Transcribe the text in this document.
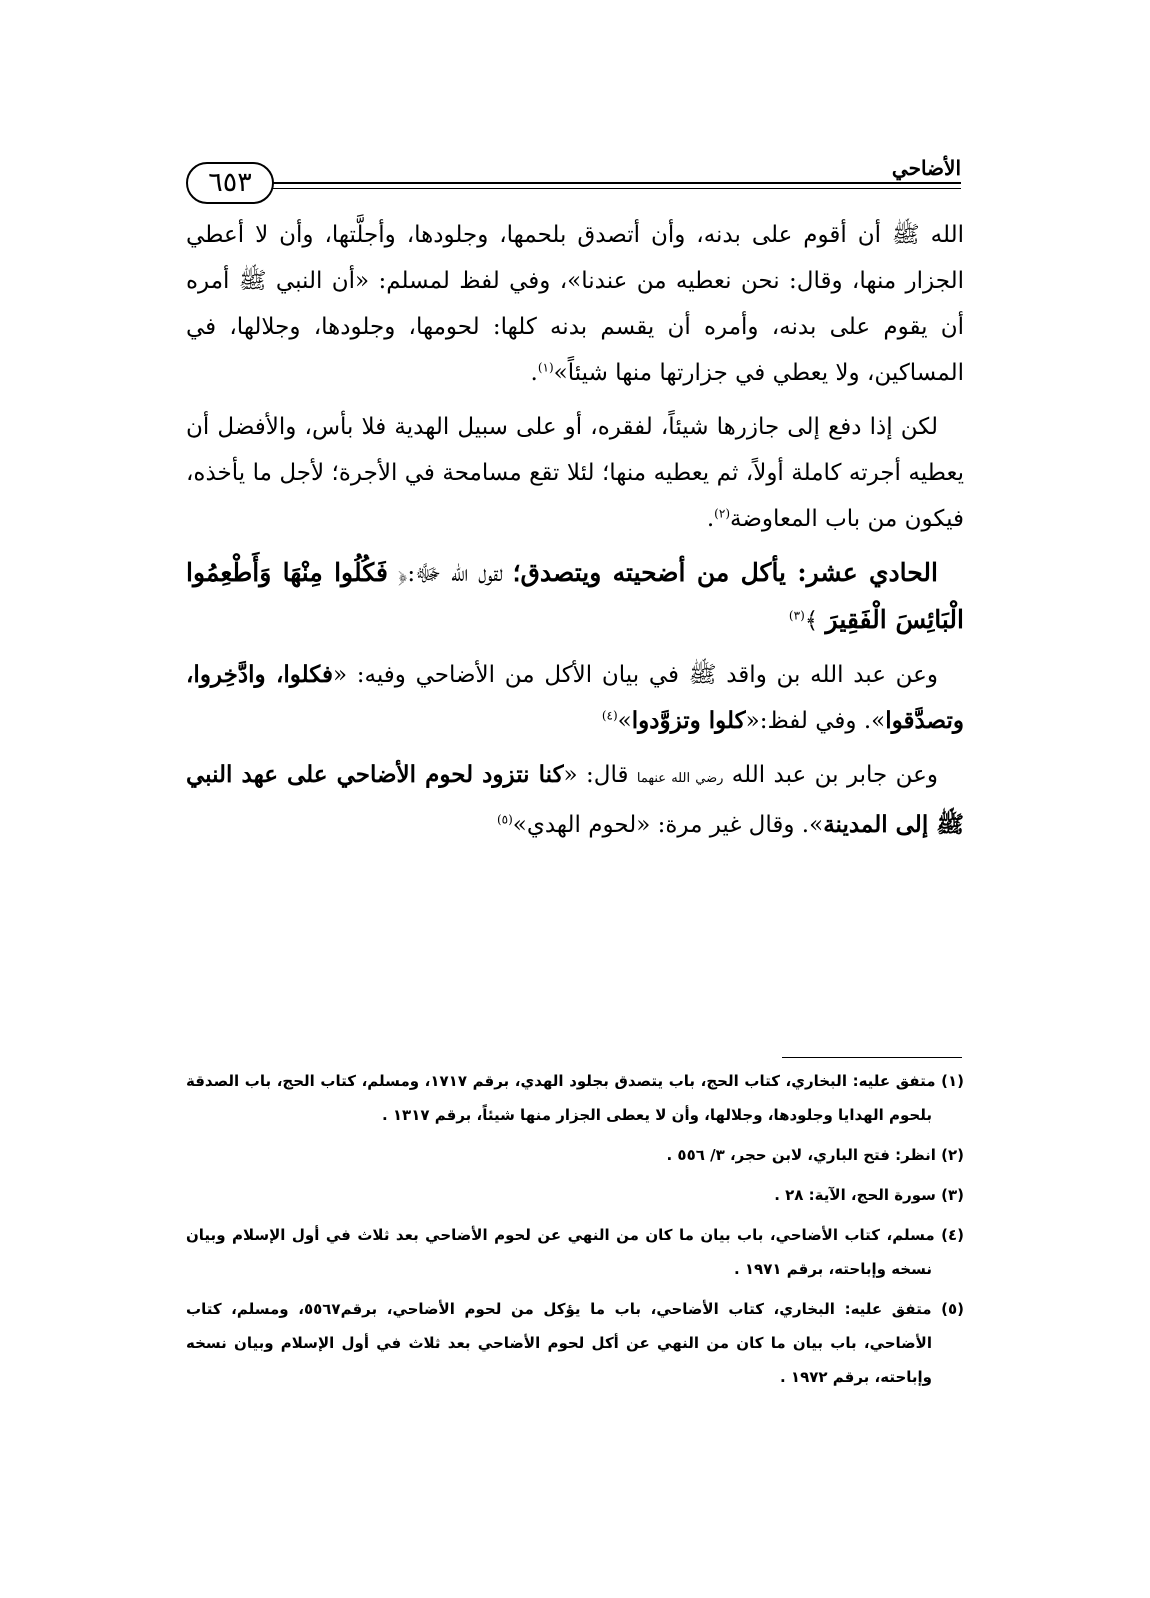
الأضاحي
٦٥٣

الله ﷺ أن أقوم على بدنه، وأن أتصدق بلحمها، وجلودها، وأجلَّتها، وأن لا أعطي الجزار منها، وقال: نحن نعطيه من عندنا»، وفي لفظ لمسلم: «أن النبي ﷺ أمره أن يقوم على بدنه، وأمره أن يقسم بدنه كلها: لحومها، وجلودها، وجلالها، في المساكين، ولا يعطي في جزارتها منها شيئاً»$^{(١)}$.

لكن إذا دفع إلى جازرها شيئاً، لفقره، أو على سبيل الهدية فلا بأس، والأفضل أن يعطيه أجرته كاملة أولاً، ثم يعطيه منها؛ لئلا تقع مسامحة في الأجرة؛ لأجل ما يأخذه، فيكون من باب المعاوضة$^{(٢)}$.

الحادي عشر: يأكل من أضحيته ويتصدق؛ لقول الله ﷻ:﴿ فَكُلُوا مِنْهَا وَأَطْعِمُوا الْبَائِسَ الْفَقِيرَ ﴾$^{(٣)}$

وعن عبد الله بن واقد ﷺ في بيان الأكل من الأضاحي وفيه: «فكلوا، وادَّخِروا، وتصدَّقوا». وفي لفظ:«كلوا وتزوَّدوا»$^{(٤)}$

وعن جابر بن عبد الله رضي الله عنهما قال: «كنا نتزود لحوم الأضاحي على عهد النبي ﷺ إلى المدينة». وقال غير مرة: «لحوم الهدي»$^{(٥)}$

(١) متفق عليه: البخاري، كتاب الحج، باب يتصدق بجلود الهدي، برقم ١٧١٧، ومسلم، كتاب الحج، باب الصدقة بلحوم الهدايا وجلودها، وجلالها، وأن لا يعطى الجزار منها شيئاً، برقم ١٣١٧ .

(٢) انظر: فتح الباري، لابن حجر، ٣/ ٥٥٦ .

(٣) سورة الحج، الآية: ٢٨ .

(٤) مسلم، كتاب الأضاحي، باب بيان ما كان من النهي عن لحوم الأضاحي بعد ثلاث في أول الإسلام وبيان نسخه وإباحته، برقم ١٩٧١ .

(٥) متفق عليه: البخاري، كتاب الأضاحي، باب ما يؤكل من لحوم الأضاحي، برقم٥٥٦٧، ومسلم، كتاب الأضاحي، باب بيان ما كان من النهي عن أكل لحوم الأضاحي بعد ثلاث في أول الإسلام وبيان نسخه وإباحته، برقم ١٩٧٢ .
